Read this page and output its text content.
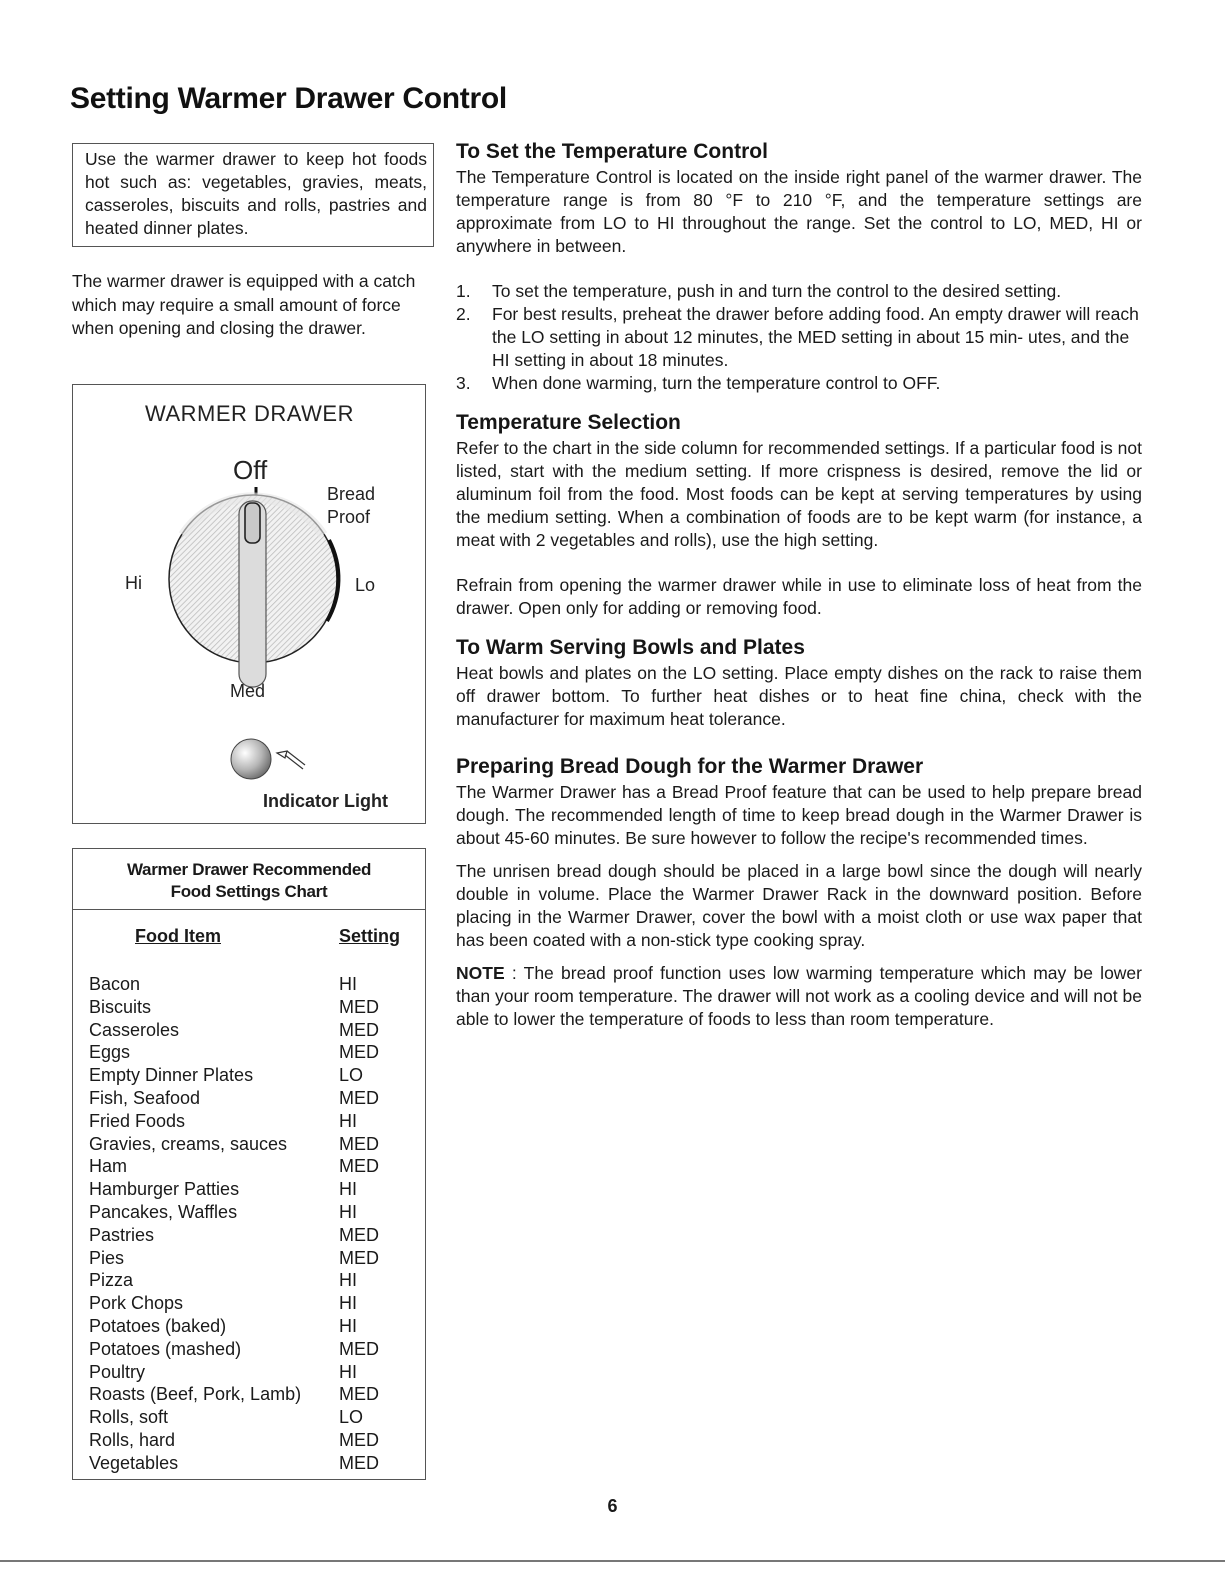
Setting Warmer Drawer Control
Use the warmer drawer to keep hot foods hot such as: vegetables, gravies, meats, casseroles, biscuits and rolls, pastries and heated dinner plates.

The warmer drawer is equipped with a catch which may require a small amount of force when opening and closing the drawer.

WARMER DRAWER
Off
Bread
Proof
Hi	Lo
Med
Indicator Light
Warmer Drawer Recommended
Food Settings Chart
Food Item	Setting
Bacon	HI
Biscuits	MED
Casseroles	MED
Eggs	MED
Empty Dinner Plates	LO
Fish, Seafood	MED
Fried Foods	HI
Gravies, creams, sauces	MED
Ham	MED
Hamburger Patties	HI
Pancakes, Waffles	HI
Pastries	MED
Pies	MED
Pizza	HI
Pork Chops	HI
Potatoes (baked)	HI
Potatoes (mashed)	MED
Poultry	HI
Roasts (Beef, Pork, Lamb) MED
Rolls, soft	LO
Rolls, hard	MED
Vegetables	MED
To Set the Temperature Control

The Temperature Control is located on the inside right panel of the warmer drawer. The temperature range is from 80 °F to 210 °F, and the temperature settings are approximate from LO to HI throughout the range. Set the control to LO, MED, HI or anywhere in between.

1. To set the temperature, push in and turn the control to the desired setting.
2. For best results, preheat the drawer before adding food. An empty drawer will reach the LO setting in about 12 minutes, the MED setting in about 15 min- utes, and the HI setting in about 18 minutes.
3. When done warming, turn the temperature control to OFF.
Temperature Selection

Refer to the chart in the side column for recommended settings. If a particular food is not listed, start with the medium setting. If more crispness is desired, remove the lid or aluminum foil from the food. Most foods can be kept at serving temperatures by using the medium setting. When a combination of foods are to be kept warm (for instance, a meat with 2 vegetables and rolls), use the high setting.

Refrain from opening the warmer drawer while in use to eliminate loss of heat from the drawer. Open only for adding or removing food.

To Warm Serving Bowls and Plates

Heat bowls and plates on the LO setting. Place empty dishes on the rack to raise them off drawer bottom. To further heat dishes or to heat fine china, check with the manufacturer for maximum heat tolerance.

Preparing Bread Dough for the Warmer Drawer

The Warmer Drawer has a Bread Proof feature that can be used to help prepare bread dough. The recommended length of time to keep bread dough in the Warmer Drawer is about 45-60 minutes. Be sure however to follow the recipe's recommended times.

The unrisen bread dough should be placed in a large bowl since the dough will nearly double in volume. Place the Warmer Drawer Rack in the downward position. Before placing in the Warmer Drawer, cover the bowl with a moist cloth or use wax paper that has been coated with a non-stick type cooking spray.

NOTE : The bread proof function uses low warming temperature which may be lower than your room temperature. The drawer will not work as a cooling device and will not be able to lower the temperature of foods to less than room temperature.

6
